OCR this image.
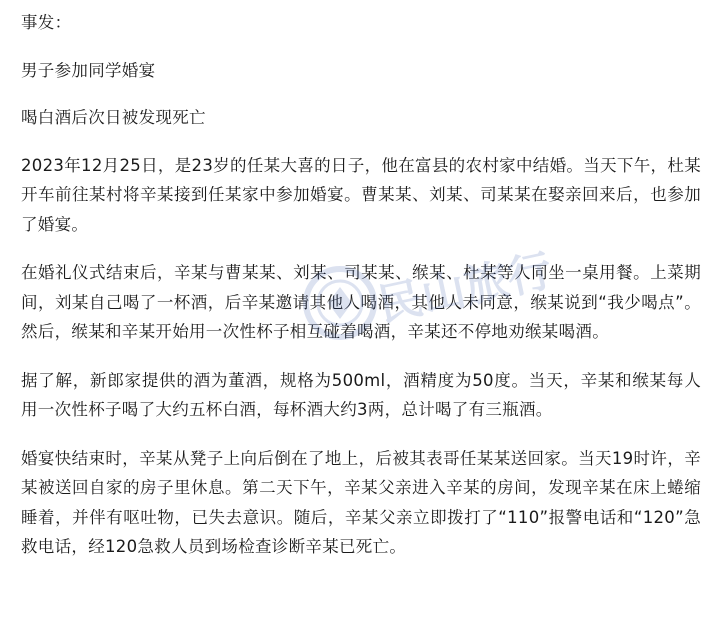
事发：

男子参加同学婚宴

喝白酒后次日被发现死亡

2023年12月25日，是23岁的任某大喜的日子，他在富县的农村家中结婚。当天下午，杜某开车前往某村将辛某接到任某家中参加婚宴。曹某某、刘某、司某某在娶亲回来后，也参加了婚宴。

在婚礼仪式结束后，辛某与曹某某、刘某、司某某、缑某、杜某等人同坐一桌用餐。上菜期间，刘某自己喝了一杯酒，后辛某邀请其他人喝酒，其他人未同意，缑某说到“我少喝点”。然后，缑某和辛某开始用一次性杯子相互碰着喝酒，辛某还不停地劝缑某喝酒。

据了解，新郎家提供的酒为董酒，规格为500ml，酒精度为50度。当天，辛某和缑某每人用一次性杯子喝了大约五杯白酒，每杯酒大约3两，总计喝了有三瓶酒。

婚宴快结束时，辛某从凳子上向后倒在了地上，后被其表哥任某某送回家。当天19时许，辛某被送回自家的房子里休息。第二天下午，辛某父亲进入辛某的房间，发现辛某在床上蜷缩睡着，并伴有呕吐物，已失去意识。随后，辛某父亲立即拨打了“110”报警电话和“120”急救电话，经120急救人员到场检查诊断辛某已死亡。

民山旅行
